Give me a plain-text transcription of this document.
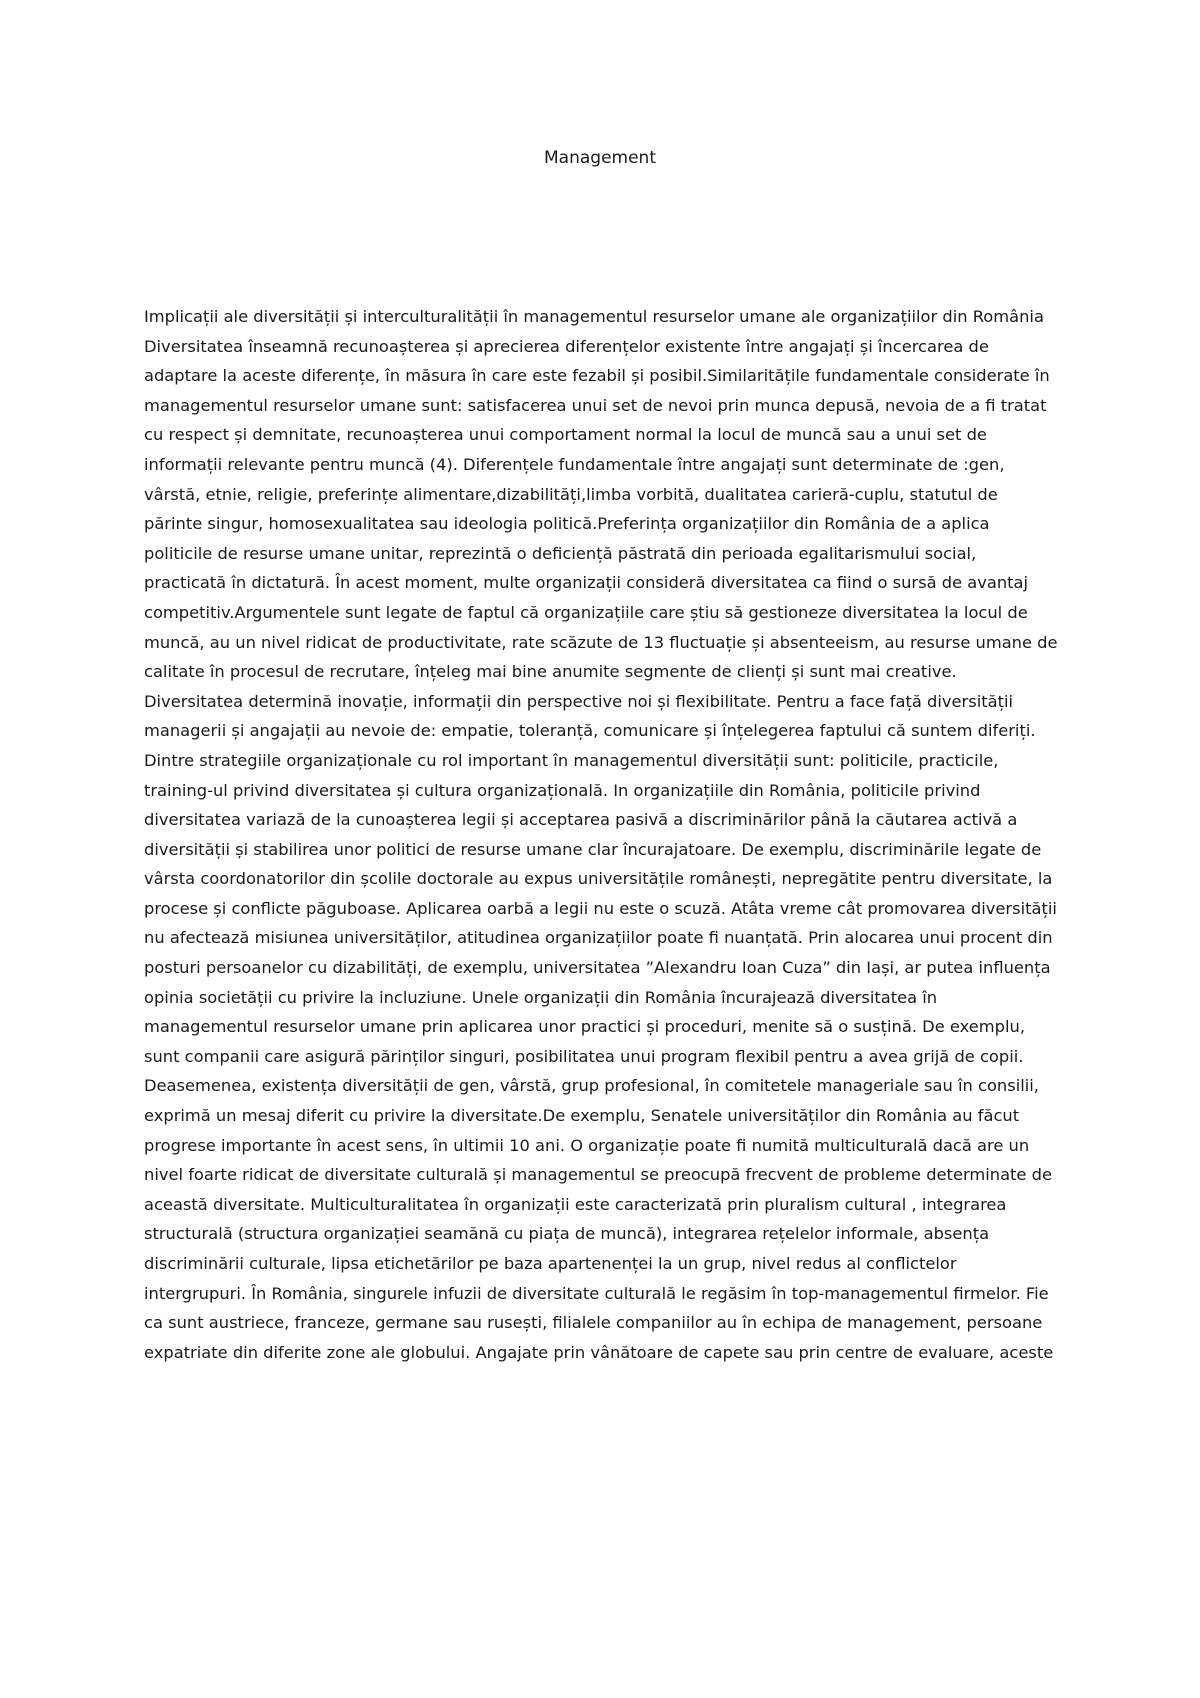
Management

Implicații ale diversității și interculturalității în managementul resurselor umane ale organizațiilor din România Diversitatea înseamnă recunoașterea și aprecierea diferențelor existente între angajați și încercarea de adaptare la aceste diferențe, în măsura în care este fezabil și posibil.Similaritățile fundamentale considerate în managementul resurselor umane sunt: satisfacerea unui set de nevoi prin munca depusă, nevoia de a fi tratat cu respect și demnitate, recunoașterea unui comportament normal la locul de muncă sau a unui set de informații relevante pentru muncă (4). Diferențele fundamentale între angajați sunt determinate de :gen, vârstă, etnie, religie, preferințe alimentare,dizabilități,limba vorbită, dualitatea carieră-cuplu, statutul de părinte singur, homosexualitatea sau ideologia politică.Preferința organizațiilor din România de a aplica politicile de resurse umane unitar, reprezintă o deficiență păstrată din perioada egalitarismului social, practicată în dictatură. În acest moment, multe organizații consideră diversitatea ca fiind o sursă de avantaj competitiv.Argumentele sunt legate de faptul că organizațiile care știu să gestioneze diversitatea la locul de muncă, au un nivel ridicat de productivitate, rate scăzute de 13 fluctuație și absenteeism, au resurse umane de calitate în procesul de recrutare, înțeleg mai bine anumite segmente de clienți și sunt mai creative. Diversitatea determină inovație, informații din perspective noi și flexibilitate. Pentru a face față diversității managerii și angajații au nevoie de: empatie, toleranță, comunicare și înțelegerea faptului că suntem diferiți. Dintre strategiile organizaționale cu rol important în managementul diversității sunt: politicile, practicile, training-ul privind diversitatea și cultura organizațională. In organizațiile din România, politicile privind diversitatea variază de la cunoașterea legii și acceptarea pasivă a discriminărilor până la căutarea activă a diversității și stabilirea unor politici de resurse umane clar încurajatoare. De exemplu, discriminările legate de vârsta coordonatorilor din școlile doctorale au expus universitățile românești, nepregătite pentru diversitate, la procese și conflicte păguboase. Aplicarea oarbă a legii nu este o scuză. Atâta vreme cât promovarea diversității nu afectează misiunea universităților, atitudinea organizațiilor poate fi nuanțată. Prin alocarea unui procent din posturi persoanelor cu dizabilități, de exemplu, universitatea ”Alexandru Ioan Cuza” din Iași, ar putea influența opinia societății cu privire la incluziune. Unele organizații din România încurajează diversitatea în managementul resurselor umane prin aplicarea unor practici și proceduri, menite să o susțină. De exemplu, sunt companii care asigură părinților singuri, posibilitatea unui program flexibil pentru a avea grijă de copii. Deasemenea, existența diversității de gen, vârstă, grup profesional, în comitetele manageriale sau în consilii, exprimă un mesaj diferit cu privire la diversitate.De exemplu, Senatele universităților din România au făcut progrese importante în acest sens, în ultimii 10 ani. O organizație poate fi numită multiculturală dacă are un nivel foarte ridicat de diversitate culturală și managementul se preocupă frecvent de probleme determinate de această diversitate. Multiculturalitatea în organizații este caracterizată prin pluralism cultural , integrarea structurală (structura organizației seamănă cu piața de muncă), integrarea rețelelor informale, absența discriminării culturale, lipsa etichetărilor pe baza apartenenței la un grup, nivel redus al conflictelor intergrupuri. În România, singurele infuzii de diversitate culturală le regăsim în top-managementul firmelor. Fie ca sunt austriece, franceze, germane sau rusești, filialele companiilor au în echipa de management, persoane expatriate din diferite zone ale globului. Angajate prin vânătoare de capete sau prin centre de evaluare, aceste
